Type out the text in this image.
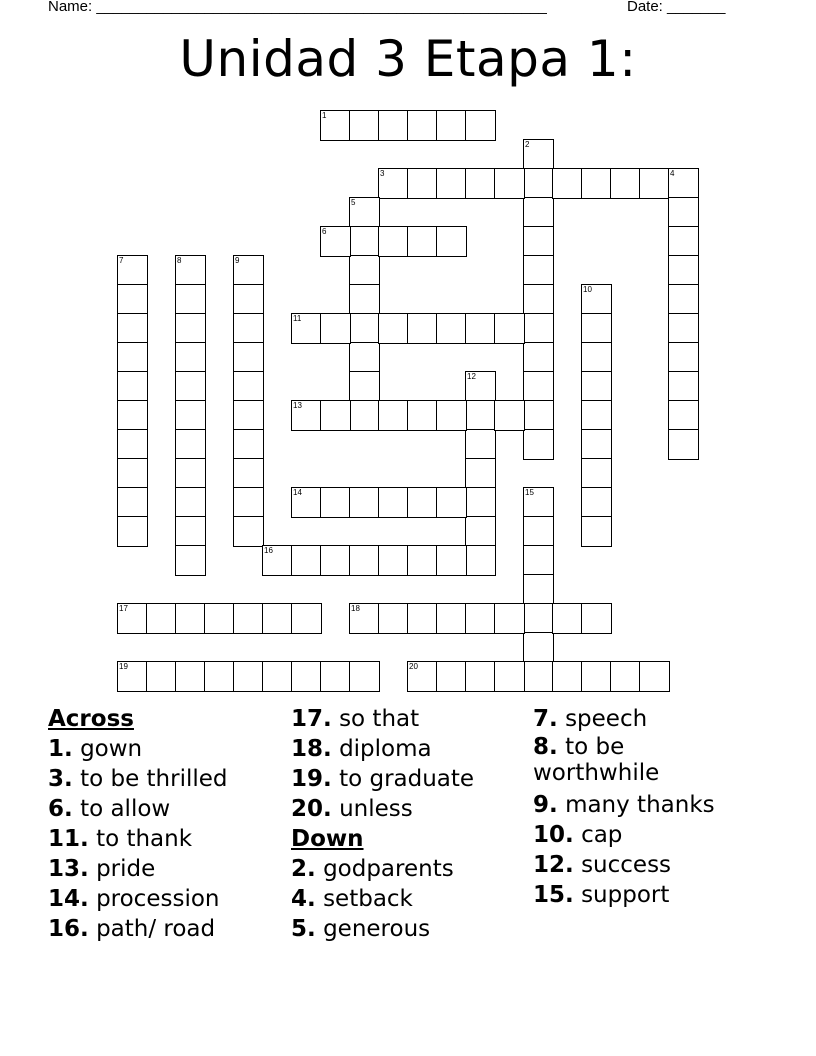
Name: ______________________________________________________	Date: _______
Unidad 3 Etapa 1:
1
2
3	4
5
6
7	8	9
10
11
12
13
14	15
16
17	18
19	20
Across
1. gown
3. to be thrilled
6. to allow
11. to thank
13. pride
14. procession
16. path/ road
17. so that
18. diploma
19. to graduate
20. unless
Down
2. godparents
4. setback
5. generous
7. speech
8. to be worthwhile
9. many thanks
10. cap
12. success
15. support
